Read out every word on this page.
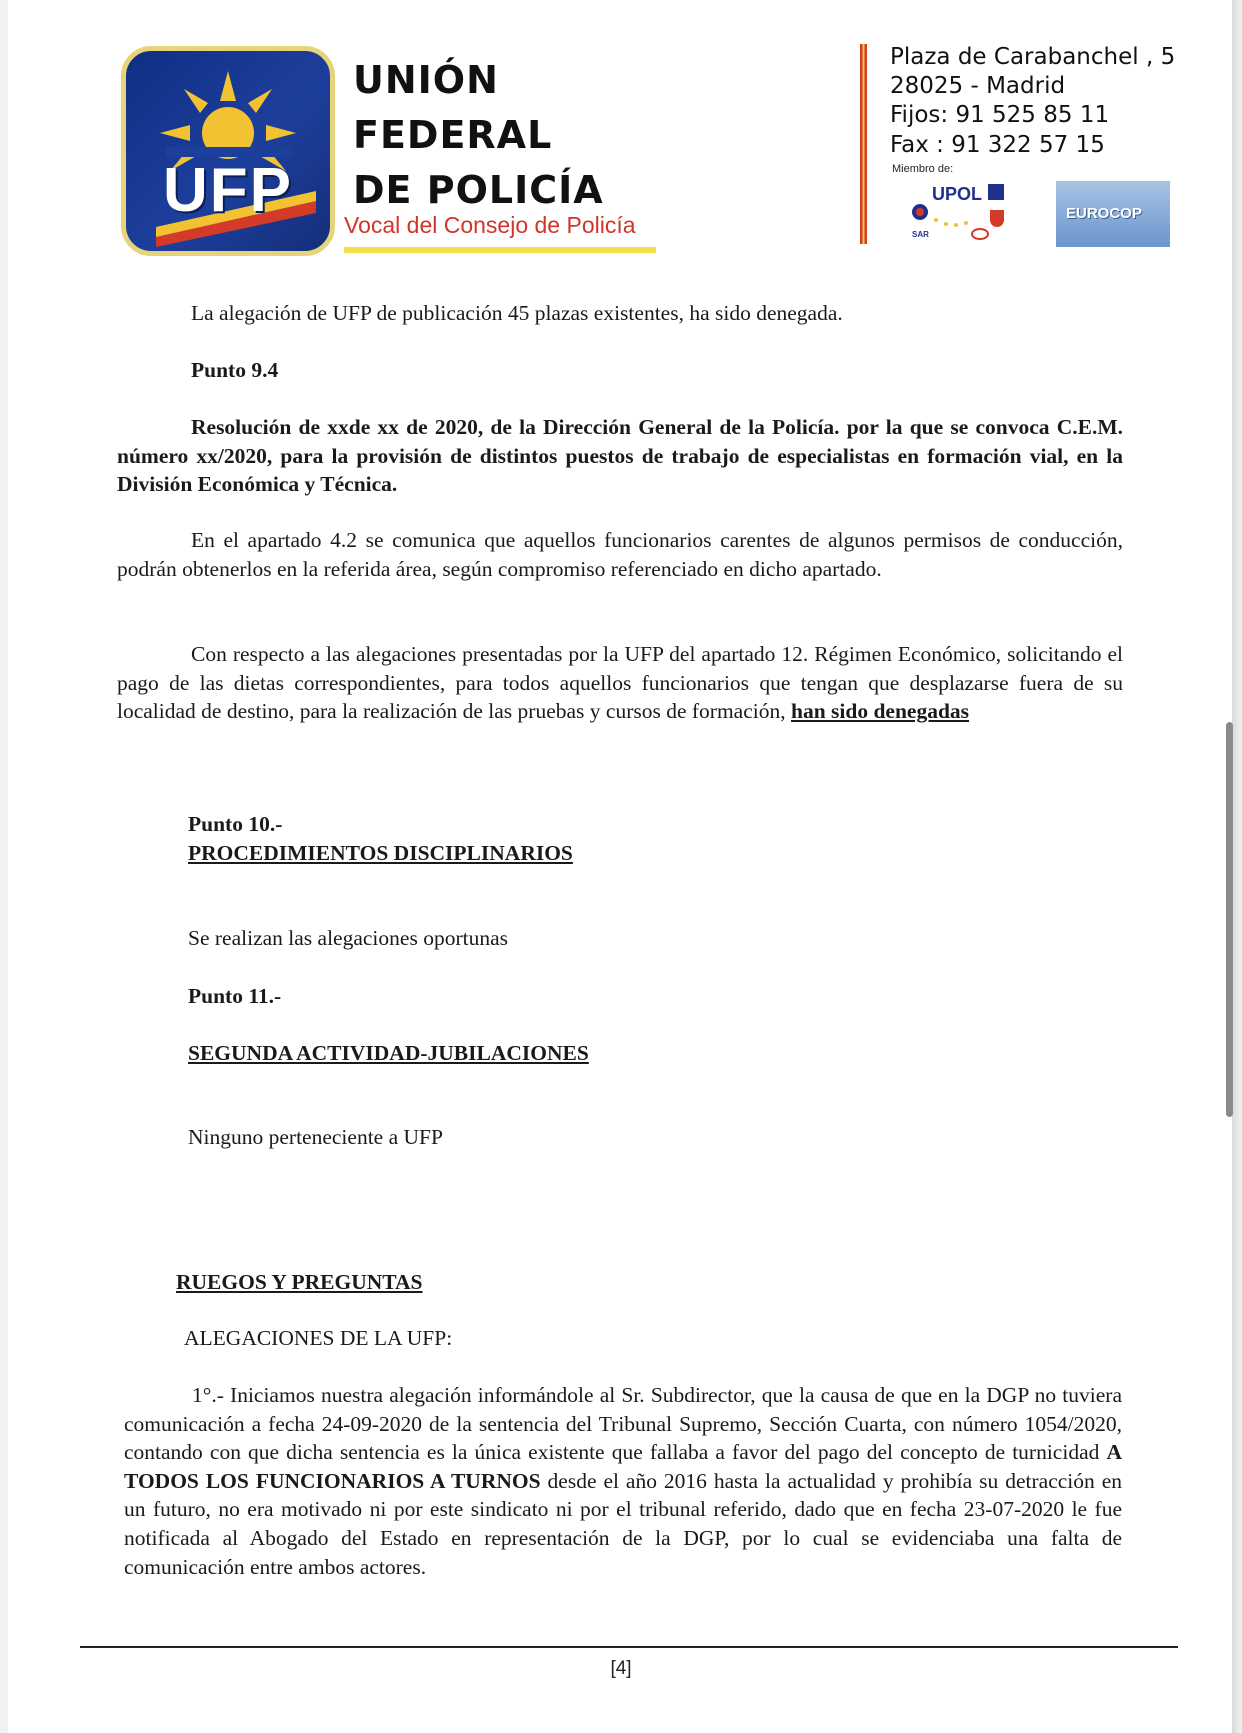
UFP
UNIÓN
FEDERAL
DE POLICÍA
Vocal del Consejo de Policía
Plaza de Carabanchel , 5
28025 - Madrid
Fijos: 91 525 85 11
Fax : 91 322 57 15
Miembro de:
UPOL
SAR
EUROCOP

La alegación de UFP de publicación 45 plazas existentes, ha sido denegada.

Punto 9.4

Resolución de xxde xx de 2020, de la Dirección General de la Policía. por la que se convoca C.E.M. número xx/2020, para la provisión de distintos puestos de trabajo de especialistas en formación vial, en la División Económica y Técnica.

En el apartado 4.2 se comunica que aquellos funcionarios carentes de algunos permisos de conducción, podrán obtenerlos en la referida área, según compromiso referenciado en dicho apartado.

Con respecto a las alegaciones presentadas por la UFP del apartado 12. Régimen Económico, solicitando el pago de las dietas correspondientes, para todos aquellos funcionarios que tengan que desplazarse fuera de su localidad de destino, para la realización de las pruebas y cursos de formación, han sido denegadas

Punto 10.-

PROCEDIMIENTOS DISCIPLINARIOS

Se realizan las alegaciones oportunas

Punto 11.-

SEGUNDA ACTIVIDAD-JUBILACIONES

Ninguno perteneciente a UFP

RUEGOS Y PREGUNTAS

ALEGACIONES DE LA UFP:

1°.- Iniciamos nuestra alegación informándole al Sr. Subdirector, que la causa de que en la DGP no tuviera comunicación a fecha 24-09-2020 de la sentencia del Tribunal Supremo, Sección Cuarta, con número 1054/2020, contando con que dicha sentencia es la única existente que fallaba a favor del pago del concepto de turnicidad A TODOS LOS FUNCIONARIOS A TURNOS desde el año 2016 hasta la actualidad y prohibía su detracción en un futuro, no era motivado ni por este sindicato ni por el tribunal referido, dado que en fecha 23-07-2020 le fue notificada al Abogado del Estado en representación de la DGP, por lo cual se evidenciaba una falta de comunicación entre ambos actores.

[4]
